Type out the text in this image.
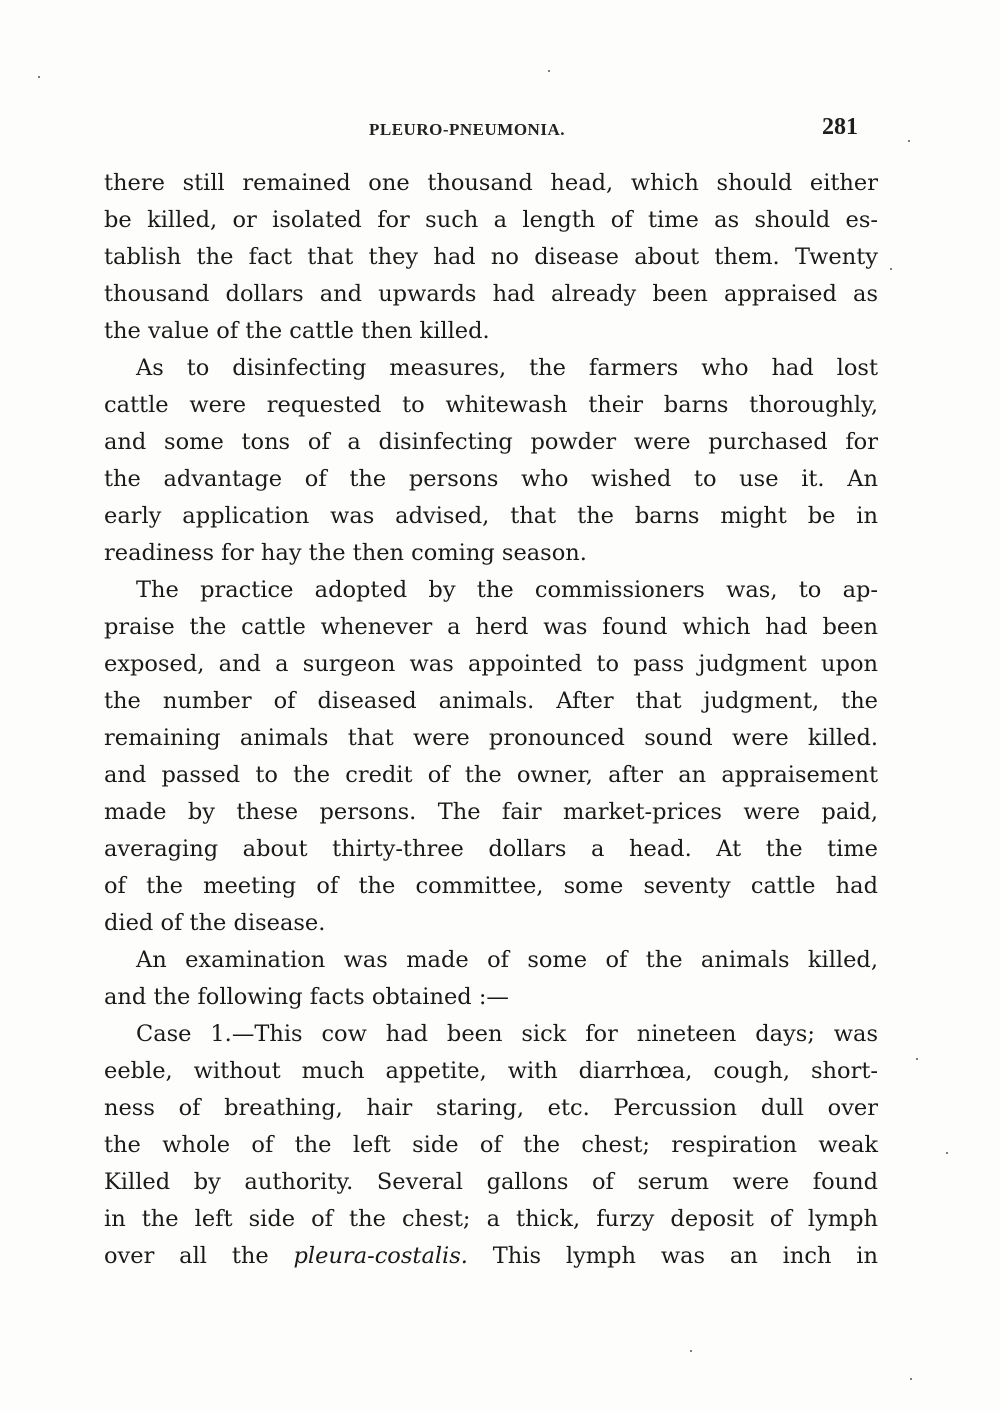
PLEURO-PNEUMONIA.	281
there still remained one thousand head, which should either
be killed, or isolated for such a length of time as should es-
tablish the fact that they had no disease about them. Twenty
thousand dollars and upwards had already been appraised as
the value of the cattle then killed.
As to disinfecting measures, the farmers who had lost
cattle were requested to whitewash their barns thoroughly,
and some tons of a disinfecting powder were purchased for
the advantage of the persons who wished to use it. An
early application was advised, that the barns might be in
readiness for hay the then coming season.
The practice adopted by the commissioners was, to ap-
praise the cattle whenever a herd was found which had been
exposed, and a surgeon was appointed to pass judgment upon
the number of diseased animals. After that judgment, the
remaining animals that were pronounced sound were killed.
and passed to the credit of the owner, after an appraisement
made by these persons. The fair market-prices were paid,
averaging about thirty-three dollars a head. At the time
of the meeting of the committee, some seventy cattle had
died of the disease.
An examination was made of some of the animals killed,
and the following facts obtained :—
Case 1.—This cow had been sick for nineteen days; was
eeble, without much appetite, with diarrhœa, cough, short-
ness of breathing, hair staring, etc. Percussion dull over
the whole of the left side of the chest; respiration weak
Killed by authority. Several gallons of serum were found
in the left side of the chest; a thick, furzy deposit of lymph
over all the pleura-costalis. This lymph was an inch in
